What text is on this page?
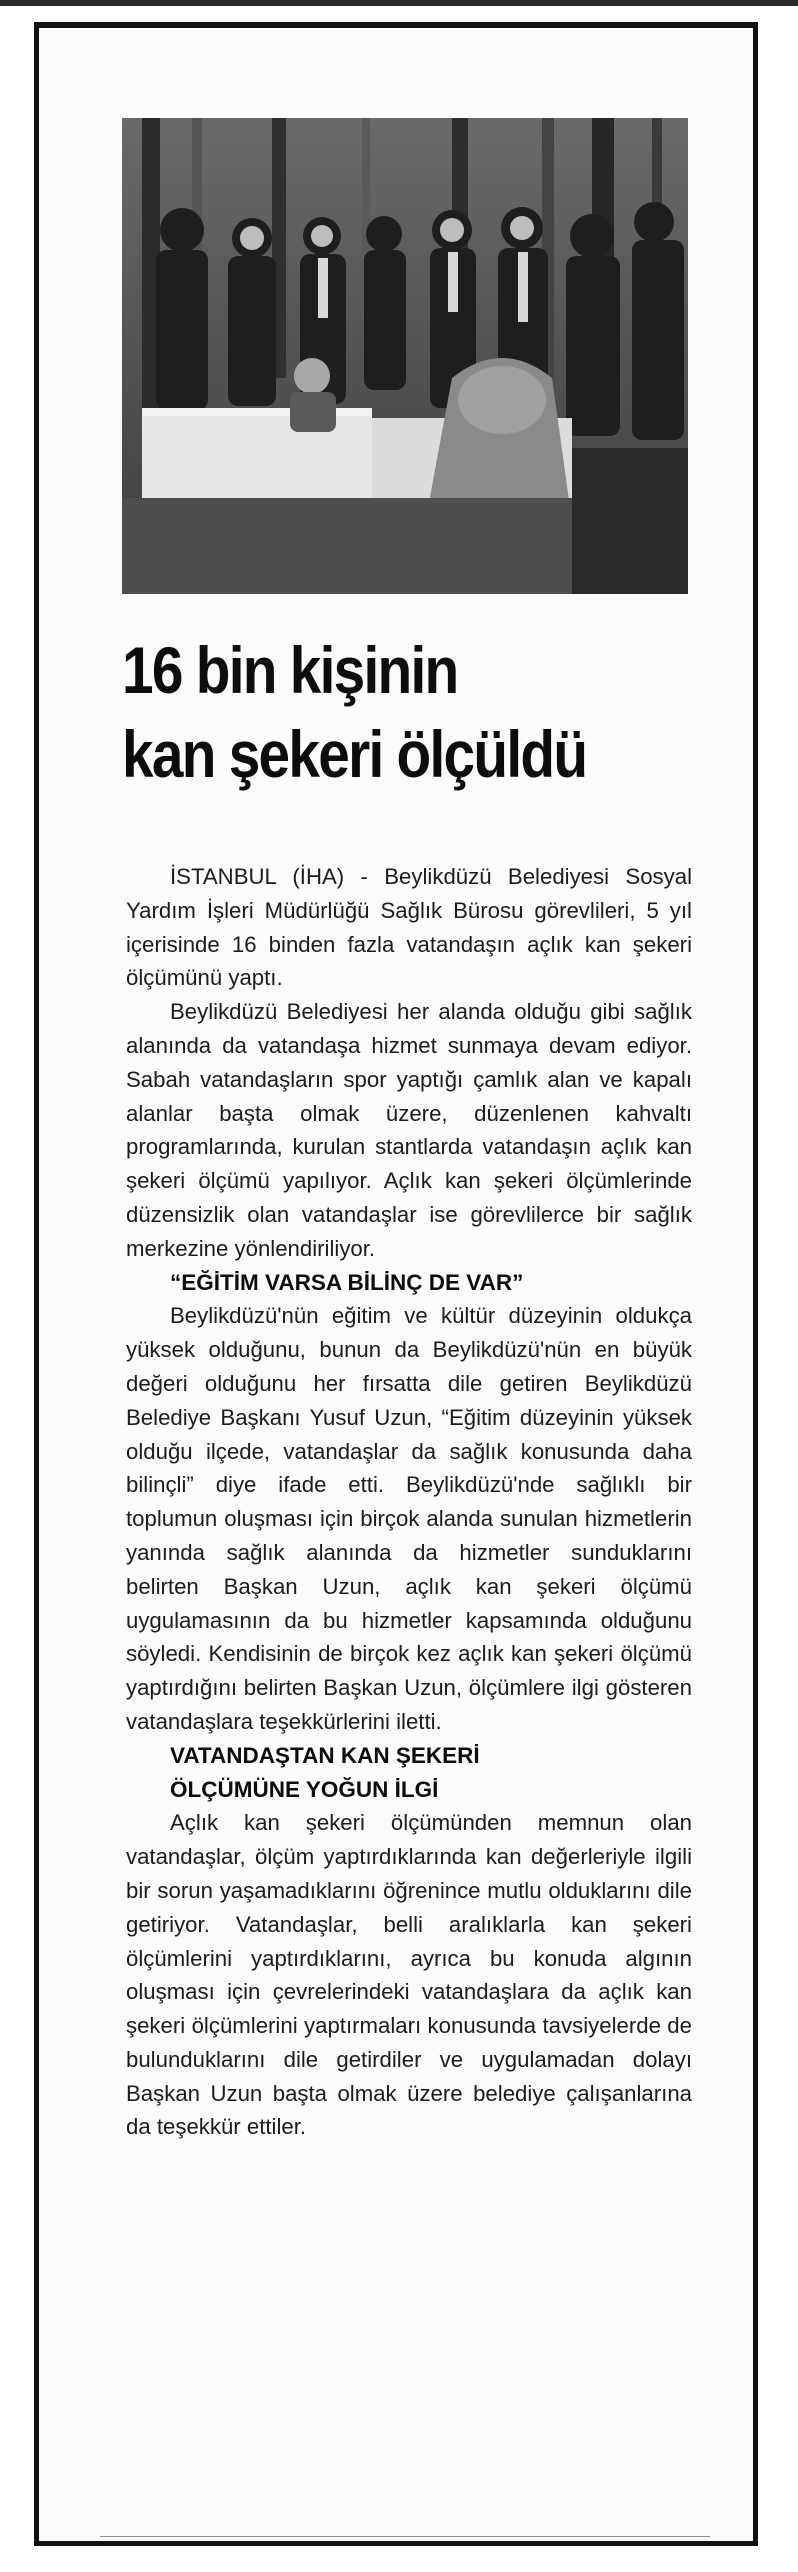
16 bin kişinin
kan şekeri ölçüldü

İSTANBUL (İHA) - Beylikdüzü Belediyesi Sosyal Yardım İşleri Müdürlüğü Sağlık Bürosu görevlileri, 5 yıl içerisinde 16 binden fazla vatandaşın açlık kan şekeri ölçümünü yaptı.

Beylikdüzü Belediyesi her alanda olduğu gibi sağlık alanında da vatandaşa hizmet sunmaya devam ediyor. Sabah vatandaşların spor yaptığı çamlık alan ve kapalı alanlar başta olmak üzere, düzenlenen kahvaltı programlarında, kurulan stantlarda vatandaşın açlık kan şekeri ölçümü yapılıyor. Açlık kan şekeri ölçümlerinde düzensizlik olan vatandaşlar ise görevlilerce bir sağlık merkezine yönlendiriliyor.

“EĞİTİM VARSA BİLİNÇ DE VAR”

Beylikdüzü'nün eğitim ve kültür düzeyinin oldukça yüksek olduğunu, bunun da Beylikdüzü'nün en büyük değeri olduğunu her fırsatta dile getiren Beylikdüzü Belediye Başkanı Yusuf Uzun, “Eğitim düzeyinin yüksek olduğu ilçede, vatandaşlar da sağlık konusunda daha bilinçli” diye ifade etti. Beylikdüzü'nde sağlıklı bir toplumun oluşması için birçok alanda sunulan hizmetlerin yanında sağlık alanında da hizmetler sunduklarını belirten Başkan Uzun, açlık kan şekeri ölçümü uygulamasının da bu hizmetler kapsamında olduğunu söyledi. Kendisinin de birçok kez açlık kan şekeri ölçümü yaptırdığını belirten Başkan Uzun, ölçümlere ilgi gösteren vatandaşlara teşekkürlerini iletti.

VATANDAŞTAN KAN ŞEKERİ
ÖLÇÜMÜNE YOĞUN İLGİ

Açlık kan şekeri ölçümünden memnun olan vatandaşlar, ölçüm yaptırdıklarında kan değerleriyle ilgili bir sorun yaşamadıklarını öğrenince mutlu olduklarını dile getiriyor. Vatandaşlar, belli aralıklarla kan şekeri ölçümlerini yaptırdıklarını, ayrıca bu konuda algının oluşması için çevrelerindeki vatandaşlara da açlık kan şekeri ölçümlerini yaptırmaları konusunda tavsiyelerde de bulunduklarını dile getirdiler ve uygulamadan dolayı Başkan Uzun başta olmak üzere belediye çalışanlarına da teşekkür ettiler.
